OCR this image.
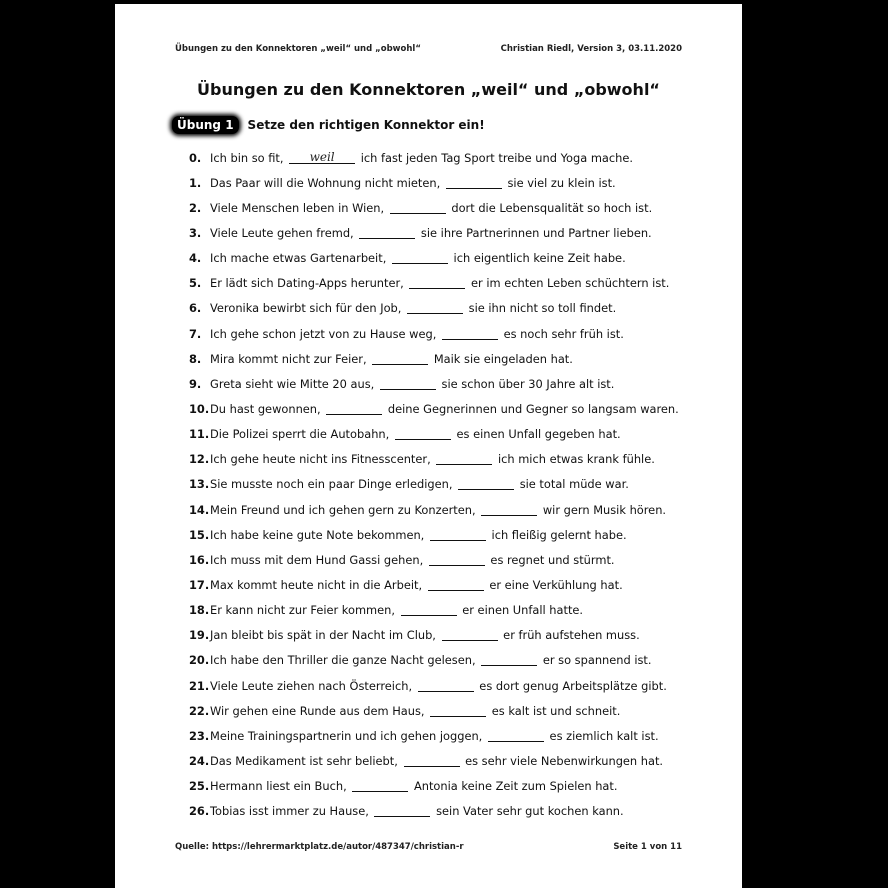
Übungen zu den Konnektoren „weil“ und „obwohl“	Christian Riedl, Version 3, 03.11.2020
Übungen zu den Konnektoren „weil“ und „obwohl“
Übung 1	Setze den richtigen Konnektor ein!
0. Ich bin so fit,	weil	ich fast jeden Tag Sport treibe und Yoga mache.
1. Das Paar will die Wohnung nicht mieten,	sie viel zu klein ist.
2. Viele Menschen leben in Wien,	dort die Lebensqualität so hoch ist.
3. Viele Leute gehen fremd,	sie ihre Partnerinnen und Partner lieben.
4. Ich mache etwas Gartenarbeit,	ich eigentlich keine Zeit habe.
5. Er lädt sich Dating-Apps herunter,	er im echten Leben schüchtern ist.
6. Veronika bewirbt sich für den Job,	sie ihn nicht so toll findet.
7. Ich gehe schon jetzt von zu Hause weg,	es noch sehr früh ist.
8. Mira kommt nicht zur Feier,	Maik sie eingeladen hat.
9. Greta sieht wie Mitte 20 aus,	sie schon über 30 Jahre alt ist.
10. Du hast gewonnen,	deine Gegnerinnen und Gegner so langsam waren.
11. Die Polizei sperrt die Autobahn,	es einen Unfall gegeben hat.
12. Ich gehe heute nicht ins Fitnesscenter,	ich mich etwas krank fühle.
13. Sie musste noch ein paar Dinge erledigen,	sie total müde war.
14. Mein Freund und ich gehen gern zu Konzerten,	wir gern Musik hören.
15. Ich habe keine gute Note bekommen,	ich fleißig gelernt habe.
16. Ich muss mit dem Hund Gassi gehen,	es regnet und stürmt.
17. Max kommt heute nicht in die Arbeit,	er eine Verkühlung hat.
18. Er kann nicht zur Feier kommen,	er einen Unfall hatte.
19. Jan bleibt bis spät in der Nacht im Club,	er früh aufstehen muss.
20. Ich habe den Thriller die ganze Nacht gelesen,	er so spannend ist.
21. Viele Leute ziehen nach Österreich,	es dort genug Arbeitsplätze gibt.
22. Wir gehen eine Runde aus dem Haus,	es kalt ist und schneit.
23. Meine Trainingspartnerin und ich gehen joggen,	es ziemlich kalt ist.
24. Das Medikament ist sehr beliebt,	es sehr viele Nebenwirkungen hat.
25. Hermann liest ein Buch,	Antonia keine Zeit zum Spielen hat.
26. Tobias isst immer zu Hause,	sein Vater sehr gut kochen kann.
Quelle: https://lehrermarktplatz.de/autor/487347/christian-r	Seite 1 von 11
